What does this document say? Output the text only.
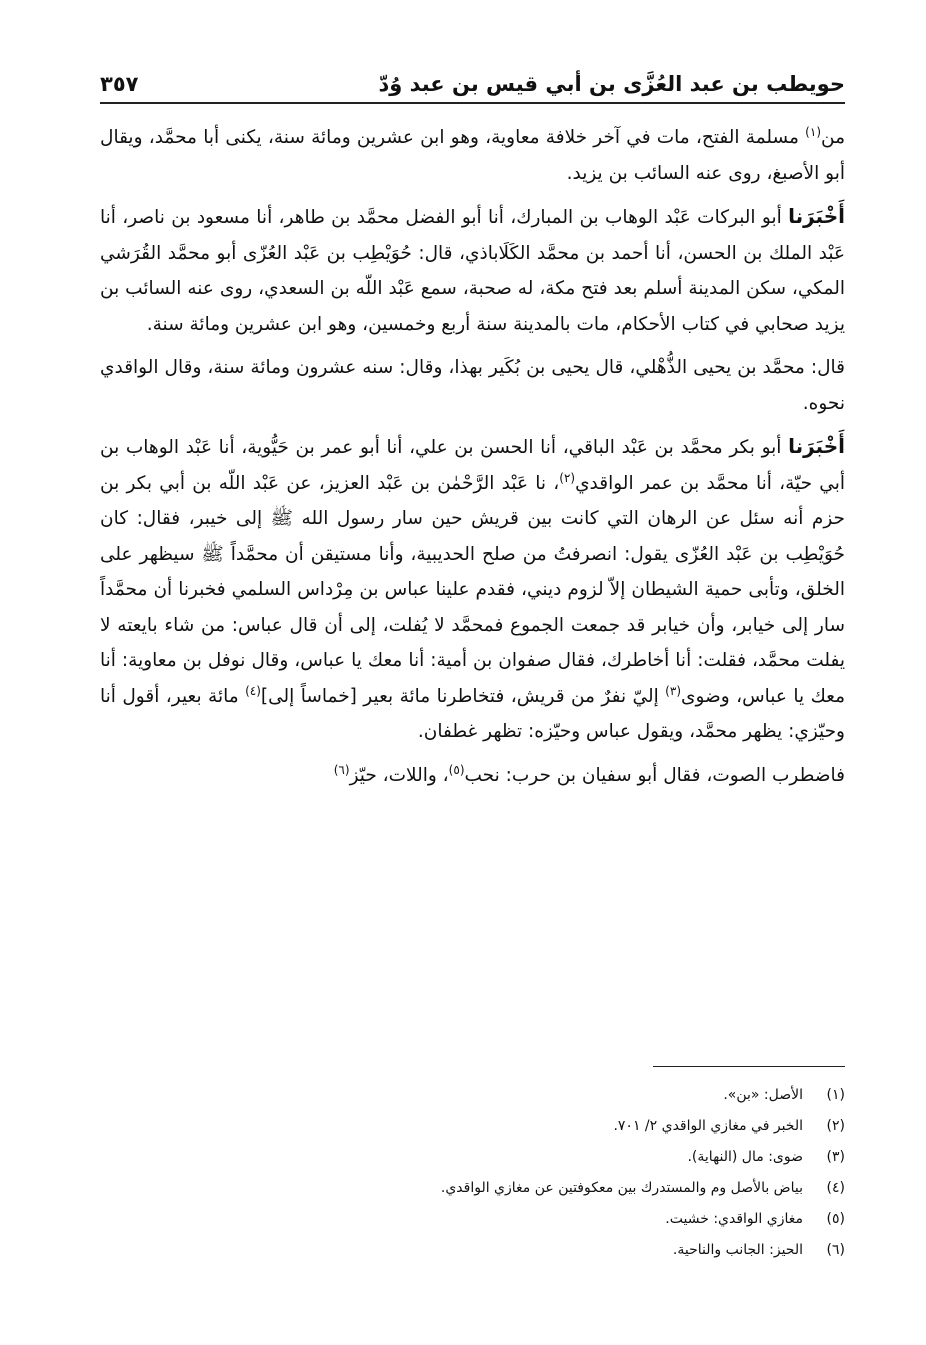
حويطب بن عبد العُزَّى بن أبي قيس بن عبد وُدّ
٣٥٧

من$^{(١)}$ مسلمة الفتح، مات في آخر خلافة معاوية، وهو ابن عشرين ومائة سنة، يكنى أبا محمَّد، ويقال أبو الأصبغ، روى عنه السائب بن يزيد.

أَخْبَرَنا أبو البركات عَبْد الوهاب بن المبارك، أنا أبو الفضل محمَّد بن طاهر، أنا مسعود بن ناصر، أنا عَبْد الملك بن الحسن، أنا أحمد بن محمَّد الكَلَاباذي، قال: حُوَيْطِب بن عَبْد العُزّى أبو محمَّد القُرَشي المكي، سكن المدينة أسلم بعد فتح مكة، له صحبة، سمع عَبْد اللّه بن السعدي، روى عنه السائب بن يزيد صحابي في كتاب الأحكام، مات بالمدينة سنة أربع وخمسين، وهو ابن عشرين ومائة سنة.

قال: محمَّد بن يحيى الذُّهْلي، قال يحيى بن بُكَير بهذا، وقال: سنه عشرون ومائة سنة، وقال الواقدي نحوه.

أَخْبَرَنا أبو بكر محمَّد بن عَبْد الباقي، أنا الحسن بن علي، أنا أبو عمر بن حَيُّوية، أنا عَبْد الوهاب بن أبي حيّة، أنا محمَّد بن عمر الواقدي$^{(٢)}$، نا عَبْد الرَّحْمٰن بن عَبْد العزيز، عن عَبْد اللّه بن أبي بكر بن حزم أنه سئل عن الرهان التي كانت بين قريش حين سار رسول الله ﷺ إلى خيبر، فقال: كان حُوَيْطِب بن عَبْد العُزّى يقول: انصرفتُ من صلح الحديبية، وأنا مستيقن أن محمَّداً ﷺ سيظهر على الخلق، وتأبى حمية الشيطان إلاّ لزوم ديني، فقدم علينا عباس بن مِرْداس السلمي فخبرنا أن محمَّداً سار إلى خيابر، وأن خيابر قد جمعت الجموع فمحمَّد لا يُفلت، إلى أن قال عباس: من شاء بايعته لا يفلت محمَّد، فقلت: أنا أخاطرك، فقال صفوان بن أمية: أنا معك يا عباس، وقال نوفل بن معاوية: أنا معك يا عباس، وضوى$^{(٣)}$ إليّ نفرٌ من قريش، فتخاطرنا مائة بعير [خماساً إلى]$^{(٤)}$ مائة بعير، أقول أنا وحيّزي: يظهر محمَّد، ويقول عباس وحيّزه: تظهر غطفان.

فاضطرب الصوت، فقال أبو سفيان بن حرب: نحب$^{(٥)}$، واللات، حيّز$^{(٦)}$

(١)
الأصل: «بن».
(٢)
الخبر في مغازي الواقدي ٢/ ٧٠١.
(٣)
ضوى: مال (النهاية).
(٤)
بياض بالأصل وم والمستدرك بين معكوفتين عن مغازي الواقدي.
(٥)
مغازي الواقدي: خشيت.
(٦)
الحيز: الجانب والناحية.
